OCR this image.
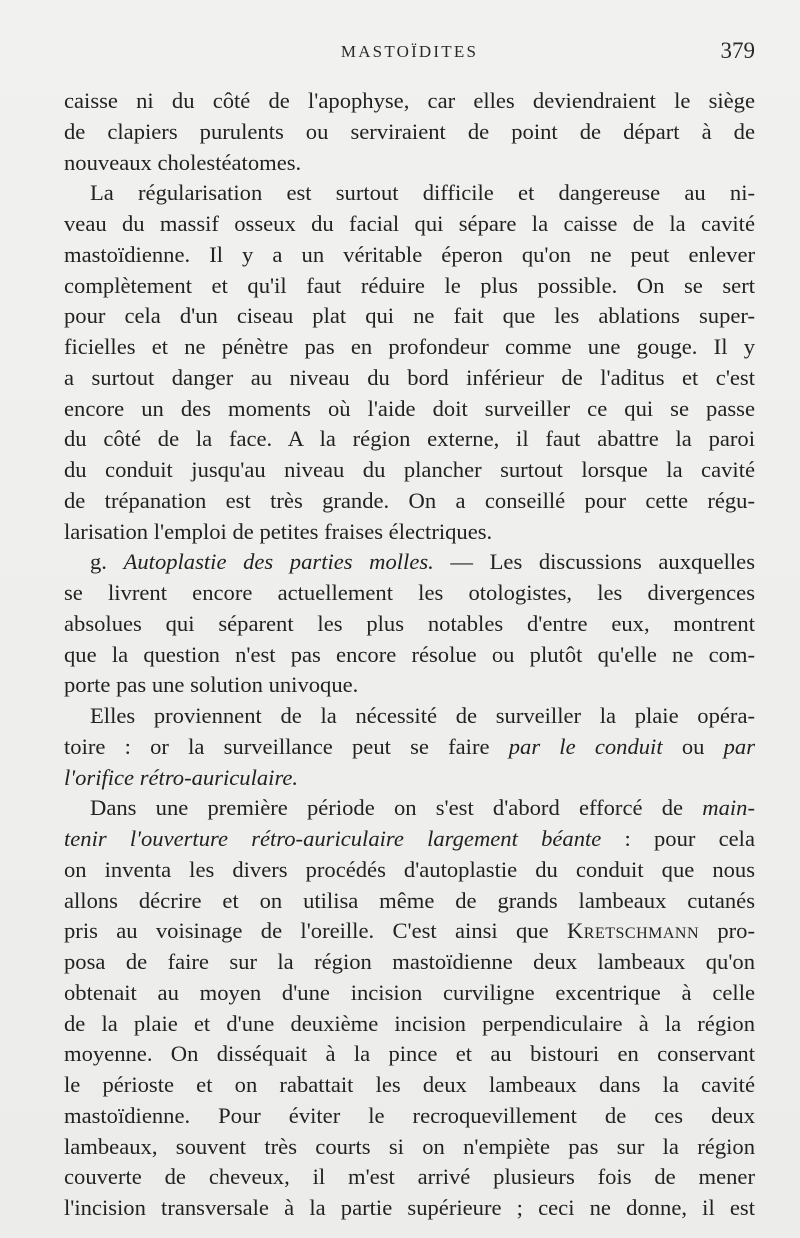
MASTOÏDITES	379
caisse ni du côté de l'apophyse, car elles deviendraient le siège
de clapiers purulents ou serviraient de point de départ à de
nouveaux cholestéatomes.
La régularisation est surtout difficile et dangereuse au ni-
veau du massif osseux du facial qui sépare la caisse de la cavité
mastoïdienne. Il y a un véritable éperon qu'on ne peut enlever
complètement et qu'il faut réduire le plus possible. On se sert
pour cela d'un ciseau plat qui ne fait que les ablations super-
ficielles et ne pénètre pas en profondeur comme une gouge. Il y
a surtout danger au niveau du bord inférieur de l'aditus et c'est
encore un des moments où l'aide doit surveiller ce qui se passe
du côté de la face. A la région externe, il faut abattre la paroi
du conduit jusqu'au niveau du plancher surtout lorsque la cavité
de trépanation est très grande. On a conseillé pour cette régu-
larisation l'emploi de petites fraises électriques.
g. Autoplastie des parties molles. — Les discussions auxquelles
se livrent encore actuellement les otologistes, les divergences
absolues qui séparent les plus notables d'entre eux, montrent
que la question n'est pas encore résolue ou plutôt qu'elle ne com-
porte pas une solution univoque.
Elles proviennent de la nécessité de surveiller la plaie opéra-
toire : or la surveillance peut se faire par le conduit ou par
l'orifice rétro-auriculaire.
Dans une première période on s'est d'abord efforcé de main-
tenir l'ouverture rétro-auriculaire largement béante : pour cela
on inventa les divers procédés d'autoplastie du conduit que nous
allons décrire et on utilisa même de grands lambeaux cutanés
pris au voisinage de l'oreille. C'est ainsi que Kretschmann pro-
posa de faire sur la région mastoïdienne deux lambeaux qu'on
obtenait au moyen d'une incision curviligne excentrique à celle
de la plaie et d'une deuxième incision perpendiculaire à la région
moyenne. On disséquait à la pince et au bistouri en conservant
le périoste et on rabattait les deux lambeaux dans la cavité
mastoïdienne. Pour éviter le recroquevillement de ces deux
lambeaux, souvent très courts si on n'empiète pas sur la région
couverte de cheveux, il m'est arrivé plusieurs fois de mener
l'incision transversale à la partie supérieure ; ceci ne donne, il est
